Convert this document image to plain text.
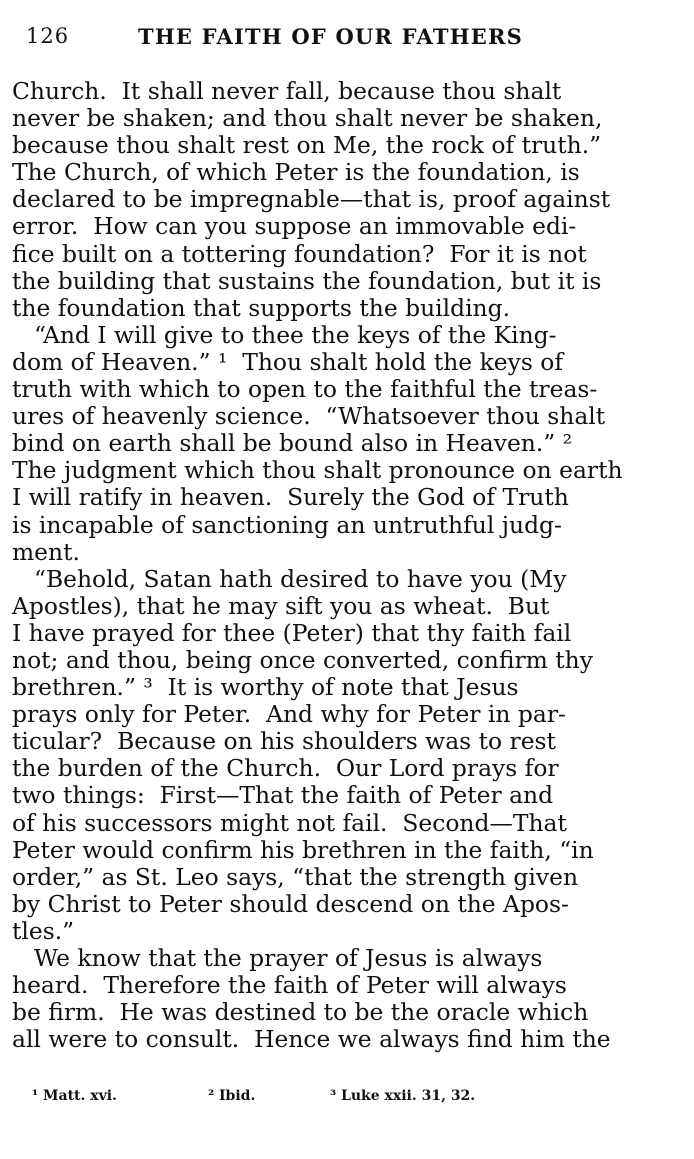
126	THE FAITH OF OUR FATHERS
Church.  It shall never fall, because thou shalt
never be shaken; and thou shalt never be shaken,
because thou shalt rest on Me, the rock of truth.”
The Church, of which Peter is the foundation, is
declared to be impregnable—that is, proof against
error.  How can you suppose an immovable edi-
fice built on a tottering foundation?  For it is not
the building that sustains the foundation, but it is
the foundation that supports the building.
“And I will give to thee the keys of the King-
dom of Heaven.” ¹  Thou shalt hold the keys of
truth with which to open to the faithful the treas-
ures of heavenly science.  “Whatsoever thou shalt
bind on earth shall be bound also in Heaven.” ²
The judgment which thou shalt pronounce on earth
I will ratify in heaven.  Surely the God of Truth
is incapable of sanctioning an untruthful judg-
ment.
“Behold, Satan hath desired to have you (My
Apostles), that he may sift you as wheat.  But
I have prayed for thee (Peter) that thy faith fail
not; and thou, being once converted, confirm thy
brethren.” ³  It is worthy of note that Jesus
prays only for Peter.  And why for Peter in par-
ticular?  Because on his shoulders was to rest
the burden of the Church.  Our Lord prays for
two things:  First—That the faith of Peter and
of his successors might not fail.  Second—That
Peter would confirm his brethren in the faith, “in
order,” as St. Leo says, “that the strength given
by Christ to Peter should descend on the Apos-
tles.”
We know that the prayer of Jesus is always
heard.  Therefore the faith of Peter will always
be firm.  He was destined to be the oracle which
all were to consult.  Hence we always find him the
¹ Matt. xvi.	² Ibid.	³ Luke xxii. 31, 32.
